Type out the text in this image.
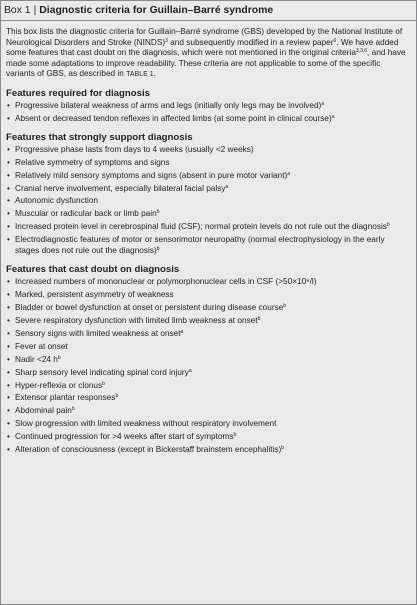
Box 1 | Diagnostic criteria for Guillain–Barré syndrome

This box lists the diagnostic criteria for Guillain–Barré syndrome (GBS) developed by the National Institute of Neurological Disorders and Stroke (NINDS)$^3$ and subsequently modified in a review paper$^6$. We have added some features that cast doubt on the diagnosis, which were not mentioned in the original criteria$^{3,3,6}$, and have made some adaptations to improve readability. These criteria are not applicable to some of the specific variants of GBS, as described in TABLE 1.

Features required for diagnosis
• Progressive bilateral weakness of arms and legs (initially only legs may be involved)$^a$
• Absent or decreased tendon reflexes in affected limbs (at some point in clinical course)$^a$
Features that strongly support diagnosis
• Progressive phase lasts from days to 4 weeks (usually <2 weeks)
• Relative symmetry of symptoms and signs
• Relatively mild sensory symptoms and signs (absent in pure motor variant)$^a$
• Cranial nerve involvement, especially bilateral facial palsy$^a$
• Autonomic dysfunction
• Muscular or radicular back or limb pain$^b$
• Increased protein level in cerebrospinal fluid (CSF); normal protein levels do not rule out the diagnosis$^b$
• Electrodiagnostic features of motor or sensorimotor neuropathy (normal electrophysiology in the early stages does not rule out the diagnosis)$^b$
Features that cast doubt on diagnosis
• Increased numbers of mononuclear or polymorphonuclear cells in CSF (>50×10⁶/l)
• Marked, persistent asymmetry of weakness
• Bladder or bowel dysfunction at onset or persistent during disease course$^b$
• Severe respiratory dysfunction with limited limb weakness at onset$^b$
• Sensory signs with limited weakness at onset$^a$
• Fever at onset
• Nadir <24 $h^b$
• Sharp sensory level indicating spinal cord injury$^a$
• Hyper-reflexia or clonus$^b$
• Extensor plantar responses$^b$
• Abdominal pain$^b$
• Slow progression with limited weakness without respiratory involvement
• Continued progression for >4 weeks after start of symptoms$^b$
• Alteration of consciousness (except in Bickerstaff brainstem encephalitis)$^b$
